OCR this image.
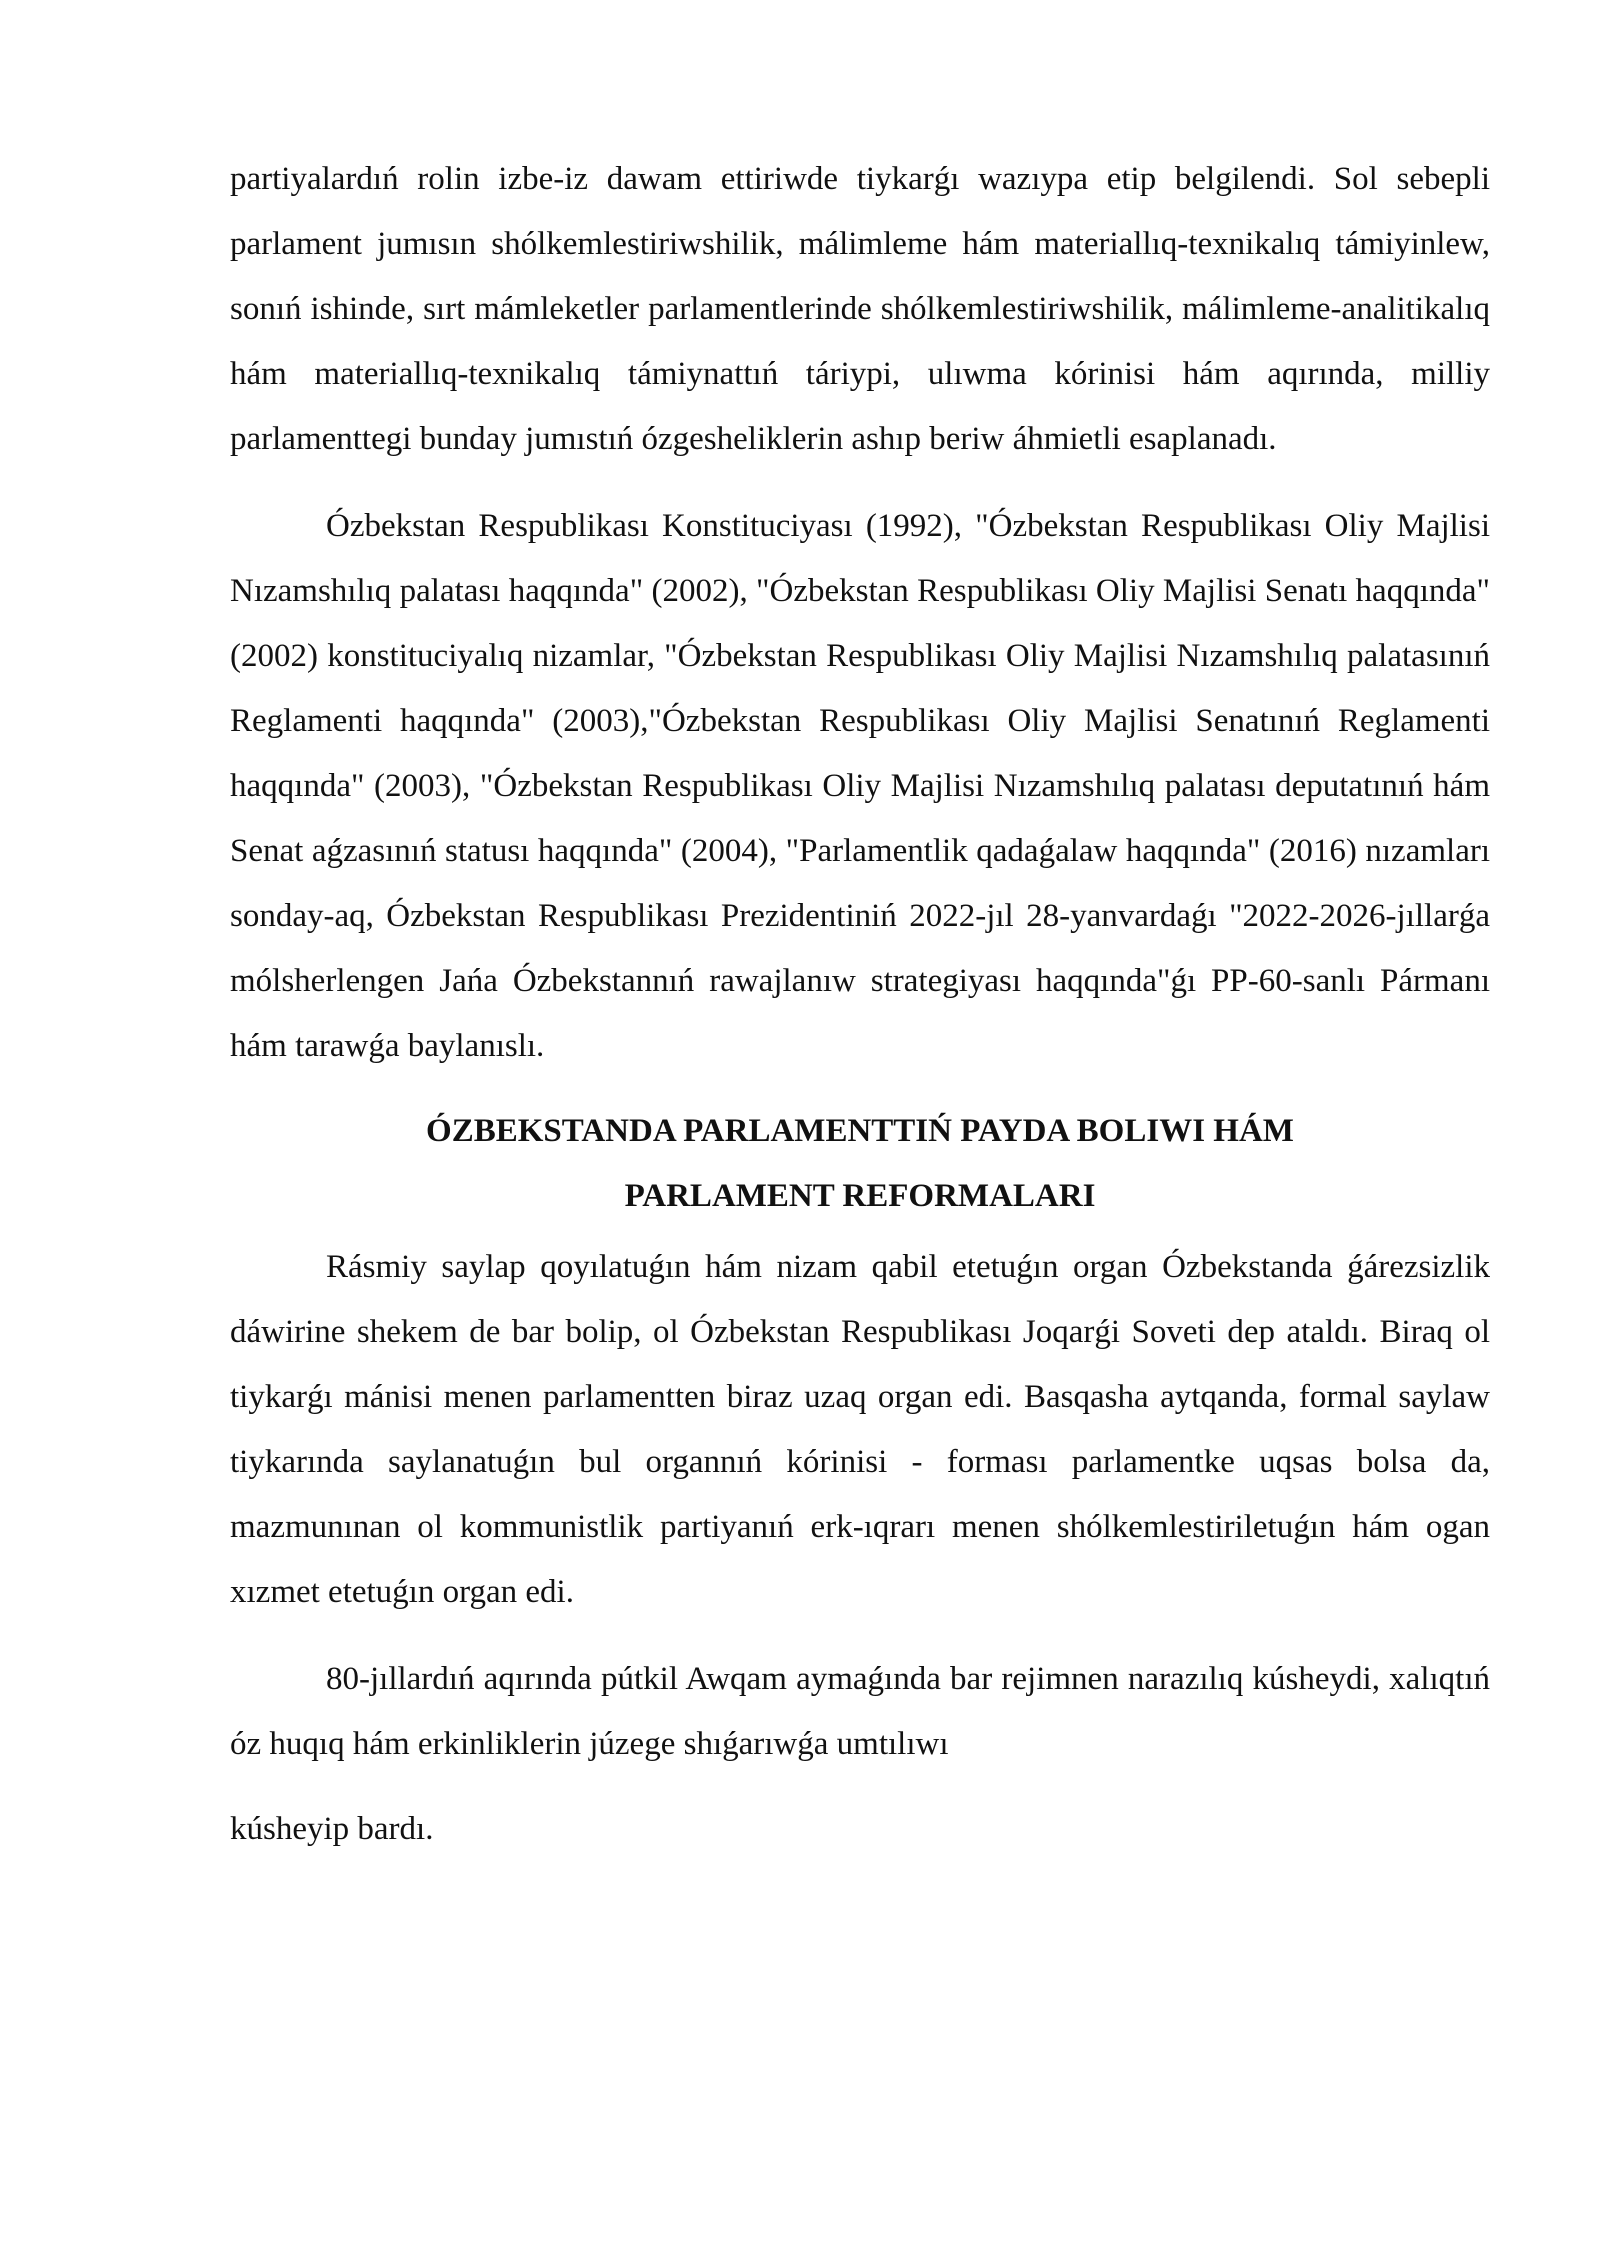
partiyalardıń rolin izbe-iz dawam ettiriwde tiykarǵı wazıypa etip belgilendi. Sol sebepli parlament jumısın shólkemlestiriwshilik, málimleme hám materiallıq-texnikalıq támiyinlew, sonıń ishinde, sırt mámleketler parlamentlerinde shólkemlestiriwshilik, málimleme-analitikalıq hám materiallıq-texnikalıq támiynattıń táriypi, ulıwma kórinisi hám aqırında, milliy parlamenttegi bunday jumıstıń ózgesheliklerin ashıp beriw áhmietli esaplanadı.

Ózbekstan Respublikası Konstituciyası (1992), "Ózbekstan Respublikası Oliy Majlisi Nızamshılıq palatası haqqında" (2002), "Ózbekstan Respublikası Oliy Majlisi Senatı haqqında" (2002) konstituciyalıq nizamlar, "Ózbekstan Respublikası Oliy Majlisi Nızamshılıq palatasınıń Reglamenti haqqında" (2003),"Ózbekstan Respublikası Oliy Majlisi Senatınıń Reglamenti haqqında" (2003), "Ózbekstan Respublikası Oliy Majlisi Nızamshılıq palatası deputatınıń hám Senat aǵzasınıń statusı haqqında" (2004), "Parlamentlik qadaǵalaw haqqında" (2016) nızamları sonday-aq, Ózbekstan Respublikası Prezidentiniń 2022-jıl 28-yanvardaǵı "2022-2026-jıllarǵa mólsherlengen Jańa Ózbekstannıń rawajlanıw strategiyası haqqında"ǵı PP-60-sanlı Pármanı hám tarawǵa baylanıslı.

ÓZBEKSTANDA PARLAMENTTIŃ PAYDA BOLIWI HÁM
PARLAMENT REFORMALARI

Rásmiy saylap qoyılatuǵın hám nizam qabil etetuǵın organ Ózbekstanda ǵárezsizlik dáwirine shekem de bar bolip, ol Ózbekstan Respublikası Joqarǵi Soveti dep ataldı. Biraq ol tiykarǵı mánisi menen parlamentten biraz uzaq organ edi. Basqasha aytqanda, formal saylaw tiykarında saylanatuǵın bul organnıń kórinisi - forması parlamentke uqsas bolsa da, mazmunınan ol kommunistlik partiyanıń erk-ıqrarı menen shólkemlestiriletuǵın hám ogan xızmet etetuǵın organ edi.

80-jıllardıń aqırında pútkil Awqam aymaǵında bar rejimnen narazılıq kúsheydi, xalıqtıń óz huqıq hám erkinliklerin júzege shıǵarıwǵa umtılıwı

kúsheyip bardı.
